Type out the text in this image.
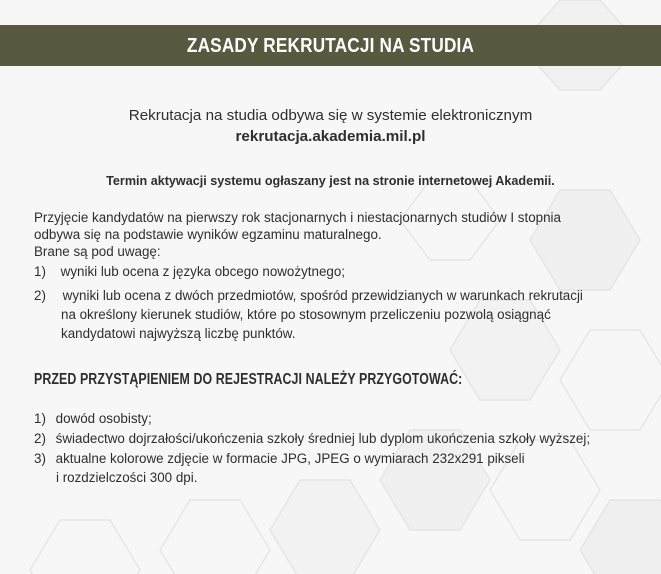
ZASADY REKRUTACJI NA STUDIA
Rekrutacja na studia odbywa się w systemie elektronicznym
rekrutacja.akademia.mil.pl
Termin aktywacji systemu ogłaszany jest na stronie internetowej Akademii.
Przyjęcie kandydatów na pierwszy rok stacjonarnych i niestacjonarnych studiów I stopnia
odbywa się na podstawie wyników egzaminu maturalnego.
Brane są pod uwagę:
1) wyniki lub ocena z języka obcego nowożytnego;
2) wyniki lub ocena z dwóch przedmiotów, spośród przewidzianych w warunkach rekrutacji
na określony kierunek studiów, które po stosownym przeliczeniu pozwolą osiągnąć
kandydatowi najwyższą liczbę punktów.
PRZED PRZYSTĄPIENIEM DO REJESTRACJI NALEŻY PRZYGOTOWAĆ:
1) dowód osobisty;
2) świadectwo dojrzałości/ukończenia szkoły średniej lub dyplom ukończenia szkoły wyższej;
3) aktualne kolorowe zdjęcie w formacie JPG, JPEG o wymiarach 232x291 pikseli
i rozdzielczości 300 dpi.
